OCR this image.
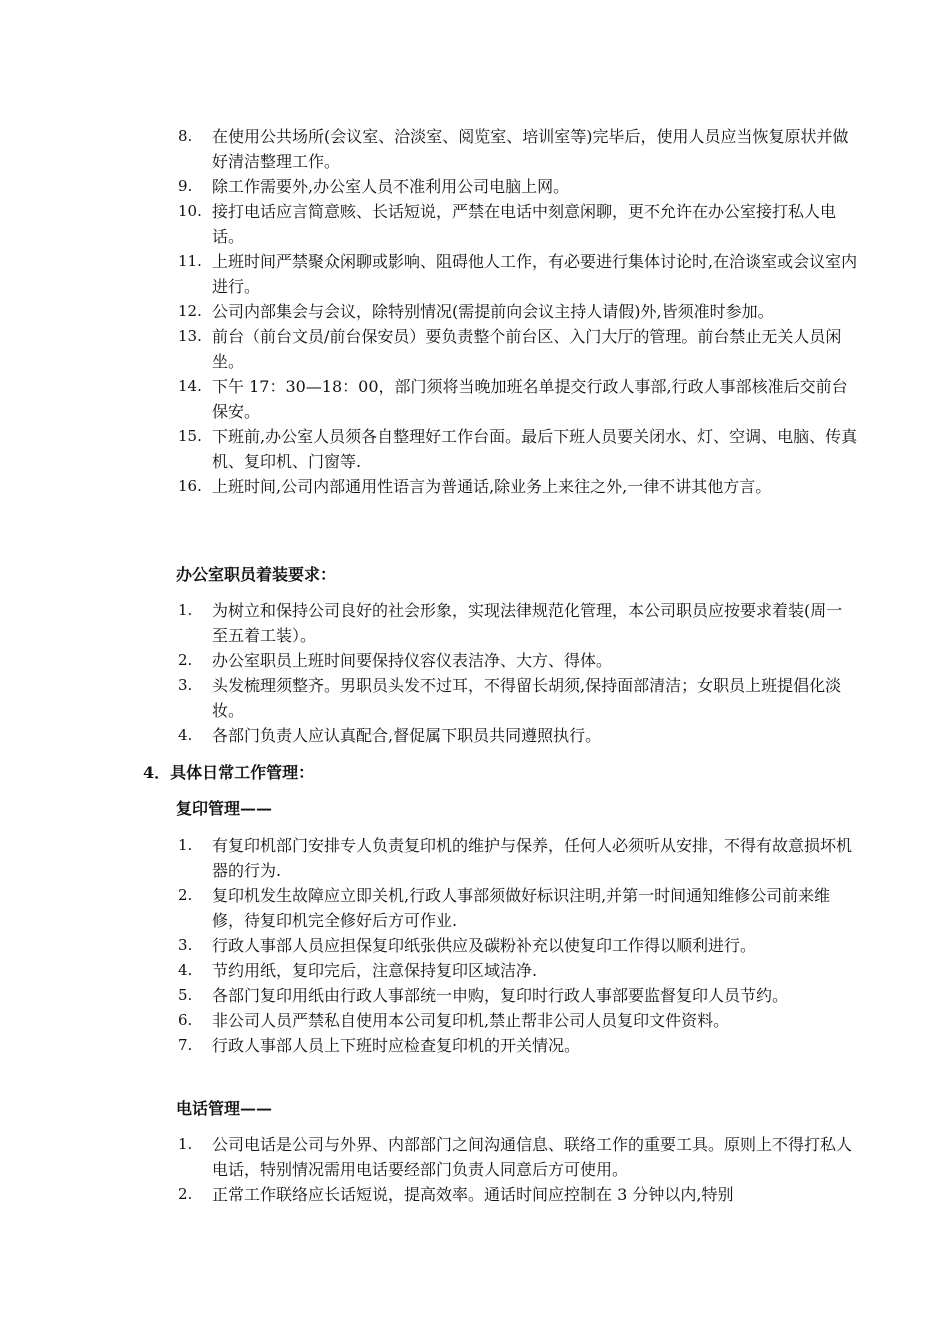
8. 在使用公共场所(会议室、洽淡室、阅览室、培训室等)完毕后，使用人员应当恢复原状并做好清洁整理工作。
9. 除工作需要外,办公室人员不准利用公司电脑上网。
10. 接打电话应言简意赅、长话短说，严禁在电话中刻意闲聊，更不允许在办公室接打私人电话。
11. 上班时间严禁聚众闲聊或影响、阻碍他人工作，有必要进行集体讨论时,在洽谈室或会议室内进行。
12. 公司内部集会与会议，除特别情况(需提前向会议主持人请假)外,皆须准时参加。
13. 前台（前台文员/前台保安员）要负责整个前台区、入门大厅的管理。前台禁止无关人员闲坐。
14. 下午 17：30—18：00，部门须将当晚加班名单提交行政人事部,行政人事部核准后交前台保安。
15. 下班前,办公室人员须各自整理好工作台面。最后下班人员要关闭水、灯、空调、电脑、传真机、复印机、门窗等.
16. 上班时间,公司内部通用性语言为普通话,除业务上来往之外,一律不讲其他方言。
办公室职员着装要求：
1. 为树立和保持公司良好的社会形象，实现法律规范化管理，本公司职员应按要求着装(周一至五着工装）。
2. 办公室职员上班时间要保持仪容仪表洁净、大方、得体。
3. 头发梳理须整齐。男职员头发不过耳，不得留长胡须,保持面部清洁；女职员上班提倡化淡妆。
4. 各部门负责人应认真配合,督促属下职员共同遵照执行。
4．具体日常工作管理：
复印管理——
1. 有复印机部门安排专人负责复印机的维护与保养，任何人必须听从安排，不得有故意损坏机器的行为.
2. 复印机发生故障应立即关机,行政人事部须做好标识注明,并第一时间通知维修公司前来维修，待复印机完全修好后方可作业.
3. 行政人事部人员应担保复印纸张供应及碳粉补充以使复印工作得以顺利进行。
4. 节约用纸，复印完后，注意保持复印区域洁净.
5. 各部门复印用纸由行政人事部统一申购，复印时行政人事部要监督复印人员节约。
6. 非公司人员严禁私自使用本公司复印机,禁止帮非公司人员复印文件资料。
7. 行政人事部人员上下班时应检查复印机的开关情况。
电话管理——
1. 公司电话是公司与外界、内部部门之间沟通信息、联络工作的重要工具。原则上不得打私人电话，特别情况需用电话要经部门负责人同意后方可使用。
2. 正常工作联络应长话短说，提高效率。通话时间应控制在 3 分钟以内,特别
